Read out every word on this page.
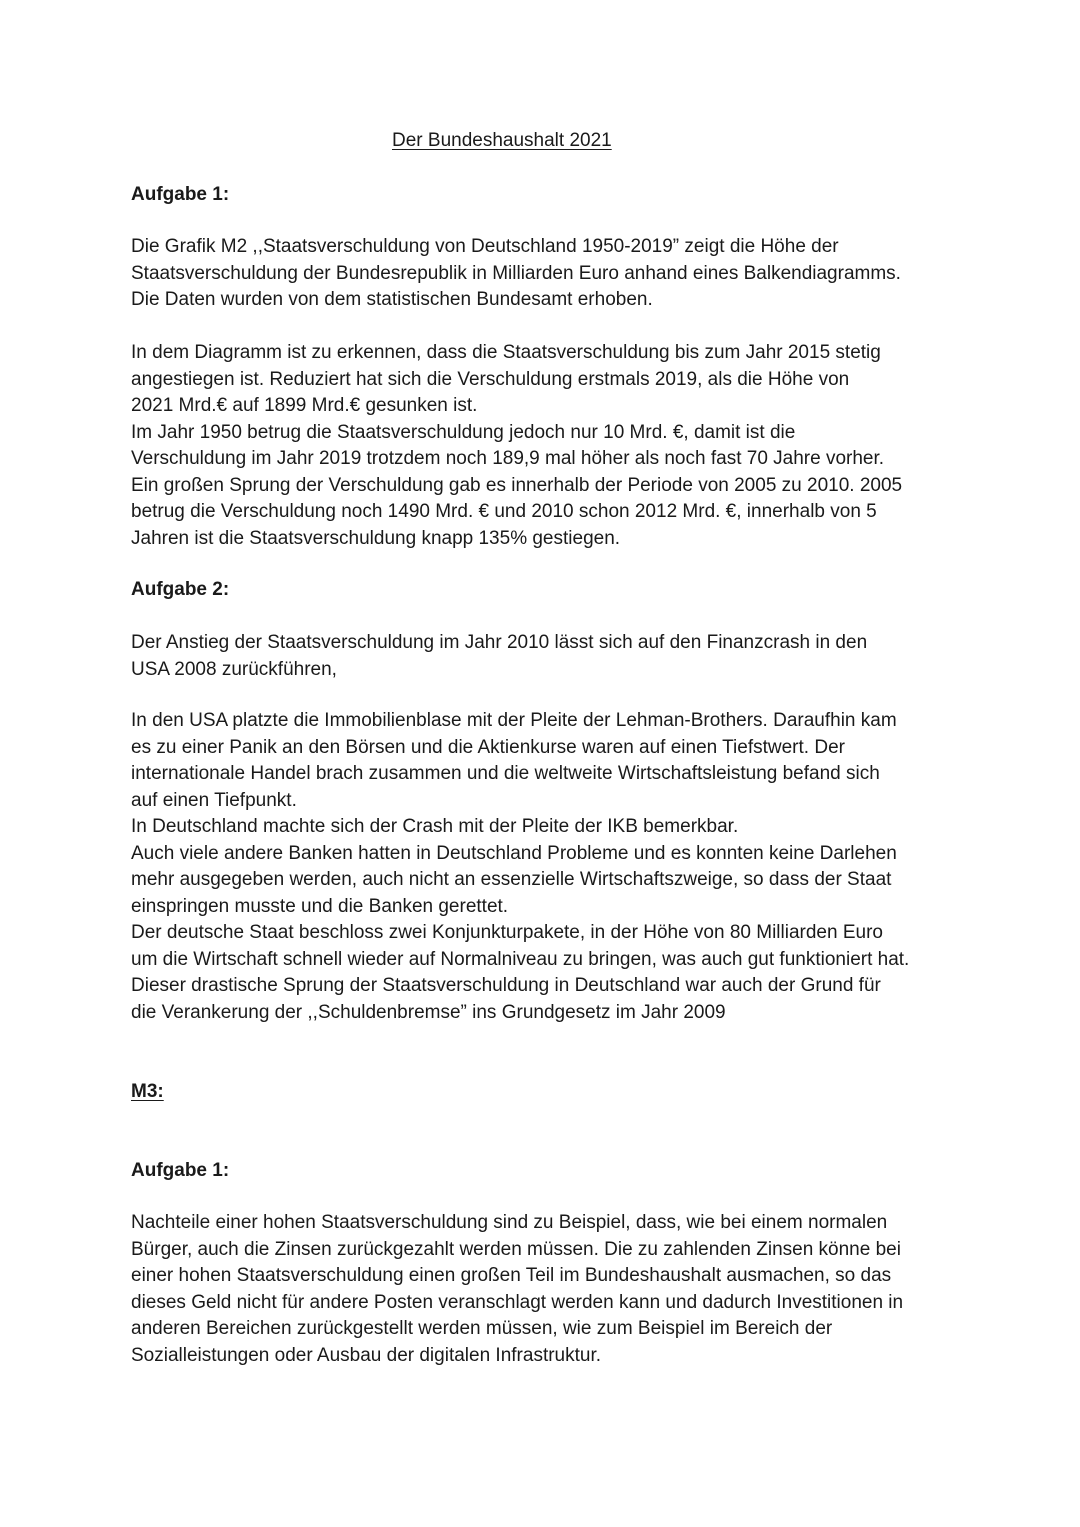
Der Bundeshaushalt 2021
Aufgabe 1:
Die Grafik M2 ,,Staatsverschuldung von Deutschland 1950-2019” zeigt die Höhe der
Staatsverschuldung der Bundesrepublik in Milliarden Euro anhand eines Balkendiagramms.
Die Daten wurden von dem statistischen Bundesamt erhoben.
In dem Diagramm ist zu erkennen, dass die Staatsverschuldung bis zum Jahr 2015 stetig
angestiegen ist. Reduziert hat sich die Verschuldung erstmals 2019, als die Höhe von
2021 Mrd.€ auf 1899 Mrd.€ gesunken ist.
Im Jahr 1950 betrug die Staatsverschuldung jedoch nur 10 Mrd. €, damit ist die
Verschuldung im Jahr 2019 trotzdem noch 189,9 mal höher als noch fast 70 Jahre vorher.
Ein großen Sprung der Verschuldung gab es innerhalb der Periode von 2005 zu 2010. 2005
betrug die Verschuldung noch 1490 Mrd. € und 2010 schon 2012 Mrd. €, innerhalb von 5
Jahren ist die Staatsverschuldung knapp 135% gestiegen.
Aufgabe 2:
Der Anstieg der Staatsverschuldung im Jahr 2010 lässt sich auf den Finanzcrash in den
USA 2008 zurückführen,
In den USA platzte die Immobilienblase mit der Pleite der Lehman-Brothers. Daraufhin kam
es zu einer Panik an den Börsen und die Aktienkurse waren auf einen Tiefstwert. Der
internationale Handel brach zusammen und die weltweite Wirtschaftsleistung befand sich
auf einen Tiefpunkt.
In Deutschland machte sich der Crash mit der Pleite der IKB bemerkbar.
Auch viele andere Banken hatten in Deutschland Probleme und es konnten keine Darlehen
mehr ausgegeben werden, auch nicht an essenzielle Wirtschaftszweige, so dass der Staat
einspringen musste und die Banken gerettet.
Der deutsche Staat beschloss zwei Konjunkturpakete, in der Höhe von 80 Milliarden Euro
um die Wirtschaft schnell wieder auf Normalniveau zu bringen, was auch gut funktioniert hat.
Dieser drastische Sprung der Staatsverschuldung in Deutschland war auch der Grund für
die Verankerung der ,,Schuldenbremse” ins Grundgesetz im Jahr 2009
M3:
Aufgabe 1:
Nachteile einer hohen Staatsverschuldung sind zu Beispiel, dass, wie bei einem normalen
Bürger, auch die Zinsen zurückgezahlt werden müssen. Die zu zahlenden Zinsen könne bei
einer hohen Staatsverschuldung einen großen Teil im Bundeshaushalt ausmachen, so das
dieses Geld nicht für andere Posten veranschlagt werden kann und dadurch Investitionen in
anderen Bereichen zurückgestellt werden müssen, wie zum Beispiel im Bereich der
Sozialleistungen oder Ausbau der digitalen Infrastruktur.
